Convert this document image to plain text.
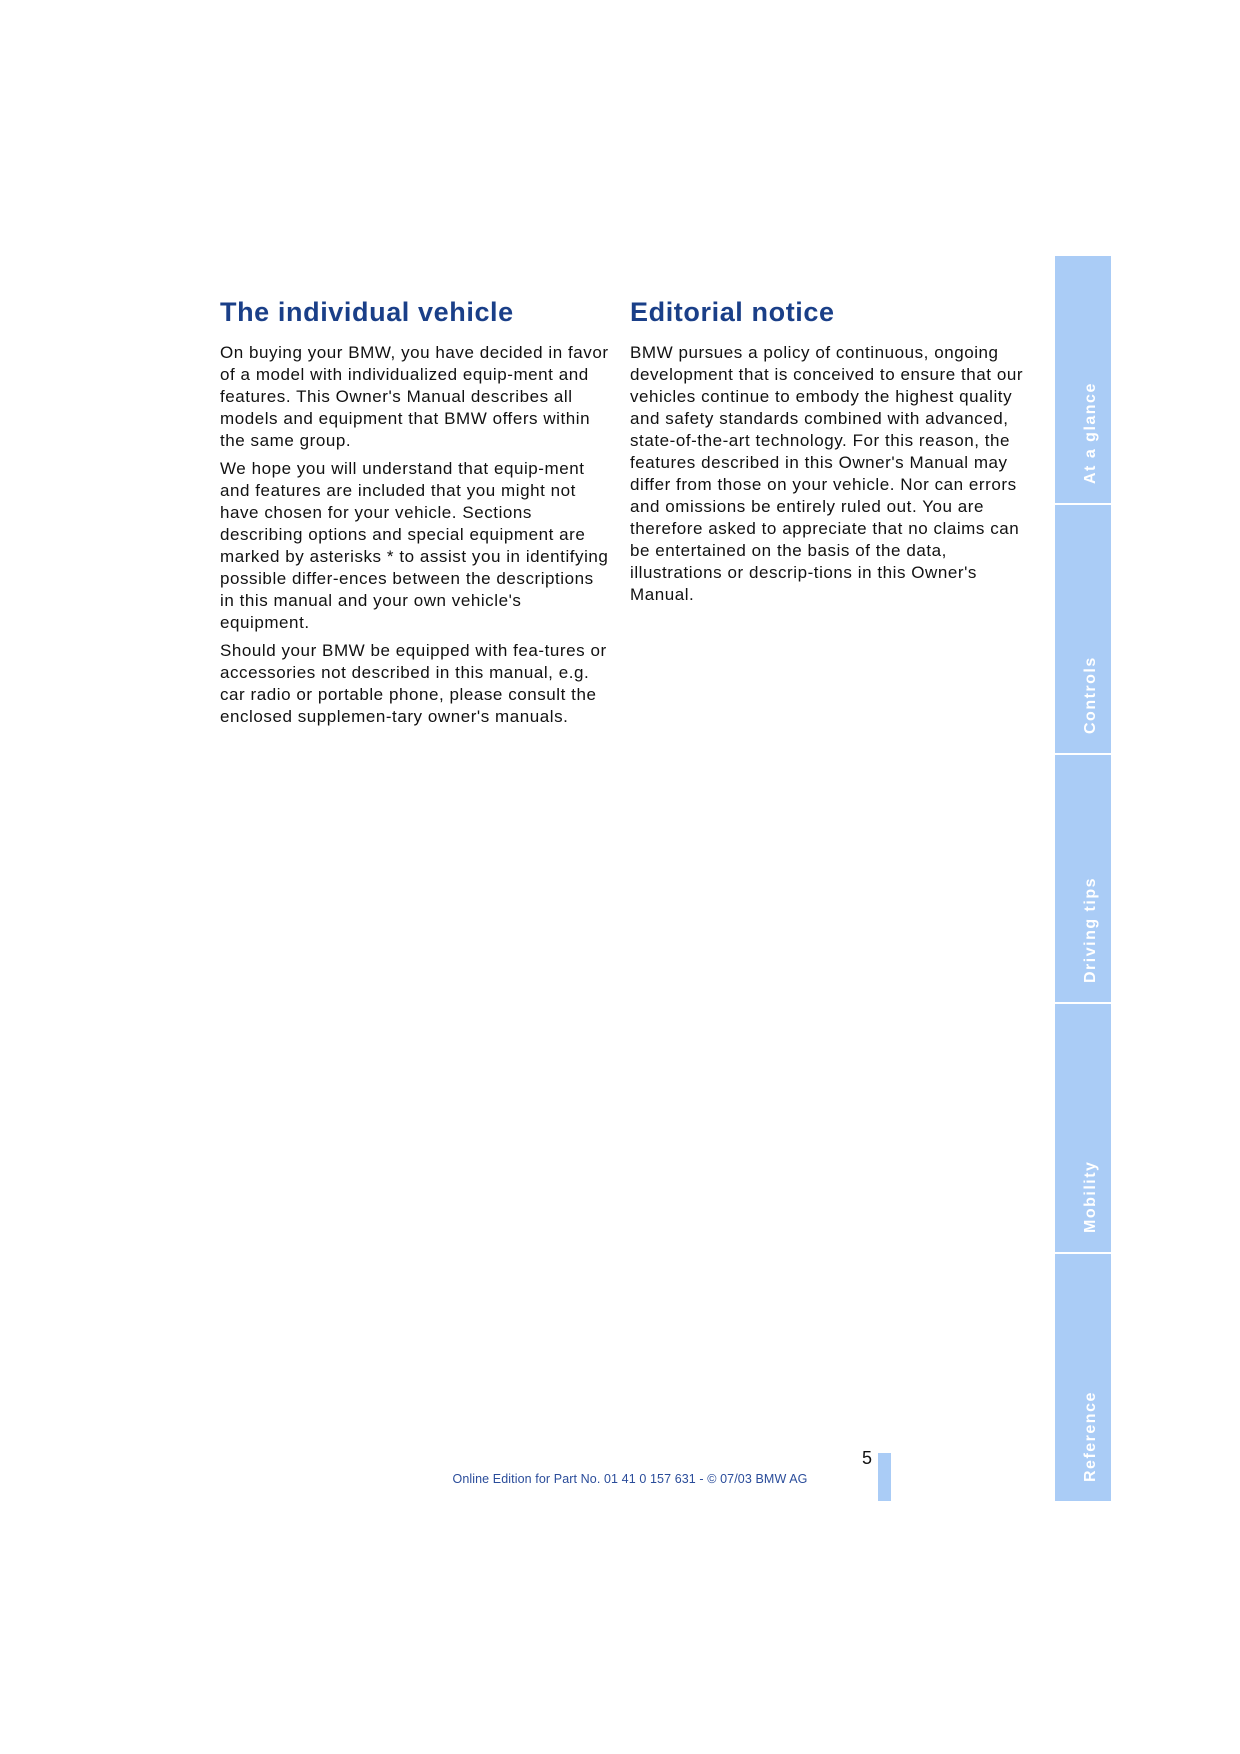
The individual vehicle

On buying your BMW, you have decided in favor of a model with individualized equip-ment and features. This Owner's Manual describes all models and equipment that BMW offers within the same group.

We hope you will understand that equip-ment and features are included that you might not have chosen for your vehicle. Sections describing options and special equipment are marked by asterisks * to assist you in identifying possible differ-ences between the descriptions in this manual and your own vehicle's equipment.

Should your BMW be equipped with fea-tures or accessories not described in this manual, e.g. car radio or portable phone, please consult the enclosed supplemen-tary owner's manuals.

Editorial notice

BMW pursues a policy of continuous, ongoing development that is conceived to ensure that our vehicles continue to embody the highest quality and safety standards combined with advanced, state-of-the-art technology. For this reason, the features described in this Owner's Manual may differ from those on your vehicle. Nor can errors and omissions be entirely ruled out. You are therefore asked to appreciate that no claims can be entertained on the basis of the data, illustrations or descrip-tions in this Owner's Manual.

At a glance
Controls
Driving tips
Mobility
Reference
5
Online Edition for Part No. 01 41 0 157 631 - © 07/03 BMW AG
